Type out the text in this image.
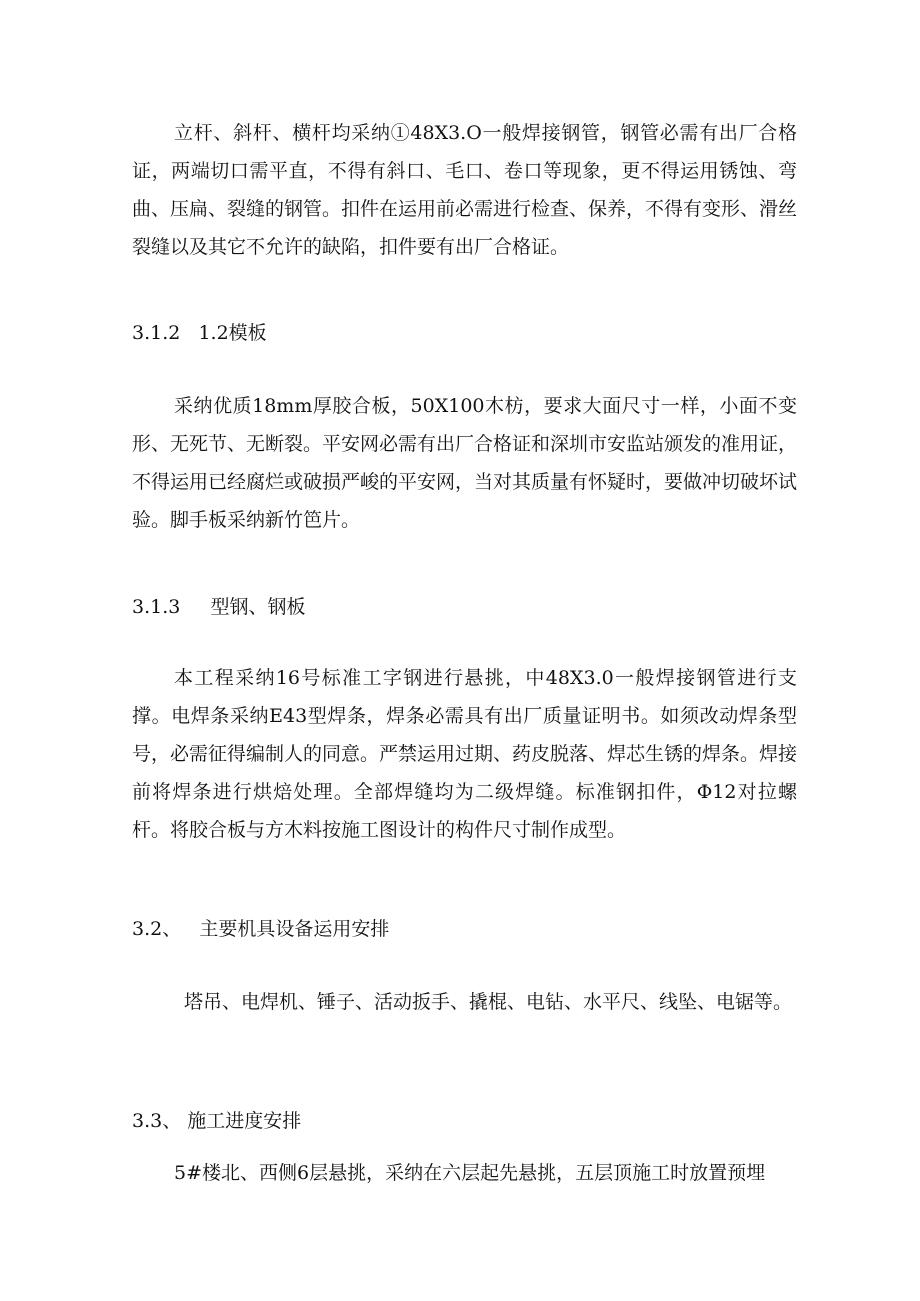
立杆、斜杆、横杆均采纳①48X3.O一般焊接钢管，钢管必需有出厂合格证，两端切口需平直，不得有斜口、毛口、卷口等现象，更不得运用锈蚀、弯曲、压扁、裂缝的钢管。扣件在运用前必需进行检查、保养，不得有变形、滑丝裂缝以及其它不允许的缺陷，扣件要有出厂合格证。

3.1.2   1.2模板

采纳优质18mm厚胶合板，50X100木枋，要求大面尺寸一样，小面不变形、无死节、无断裂。平安网必需有出厂合格证和深圳市安监站颁发的准用证，不得运用已经腐烂或破损严峻的平安网，当对其质量有怀疑时，要做冲切破坏试验。脚手板采纳新竹笆片。

3.1.3     型钢、钢板

本工程采纳16号标准工字钢进行悬挑，中48X3.0一般焊接钢管进行支撑。电焊条采纳E43型焊条，焊条必需具有出厂质量证明书。如须改动焊条型号，必需征得编制人的同意。严禁运用过期、药皮脱落、焊芯生锈的焊条。焊接前将焊条进行烘焙处理。全部焊缝均为二级焊缝。标准钢扣件，Φ12对拉螺杆。将胶合板与方木料按施工图设计的构件尺寸制作成型。

3.2、   主要机具设备运用安排

塔吊、电焊机、锤子、活动扳手、撬棍、电钻、水平尺、线坠、电锯等。

3.3、 施工进度安排

5#楼北、西侧6层悬挑，采纳在六层起先悬挑，五层顶施工时放置预埋
